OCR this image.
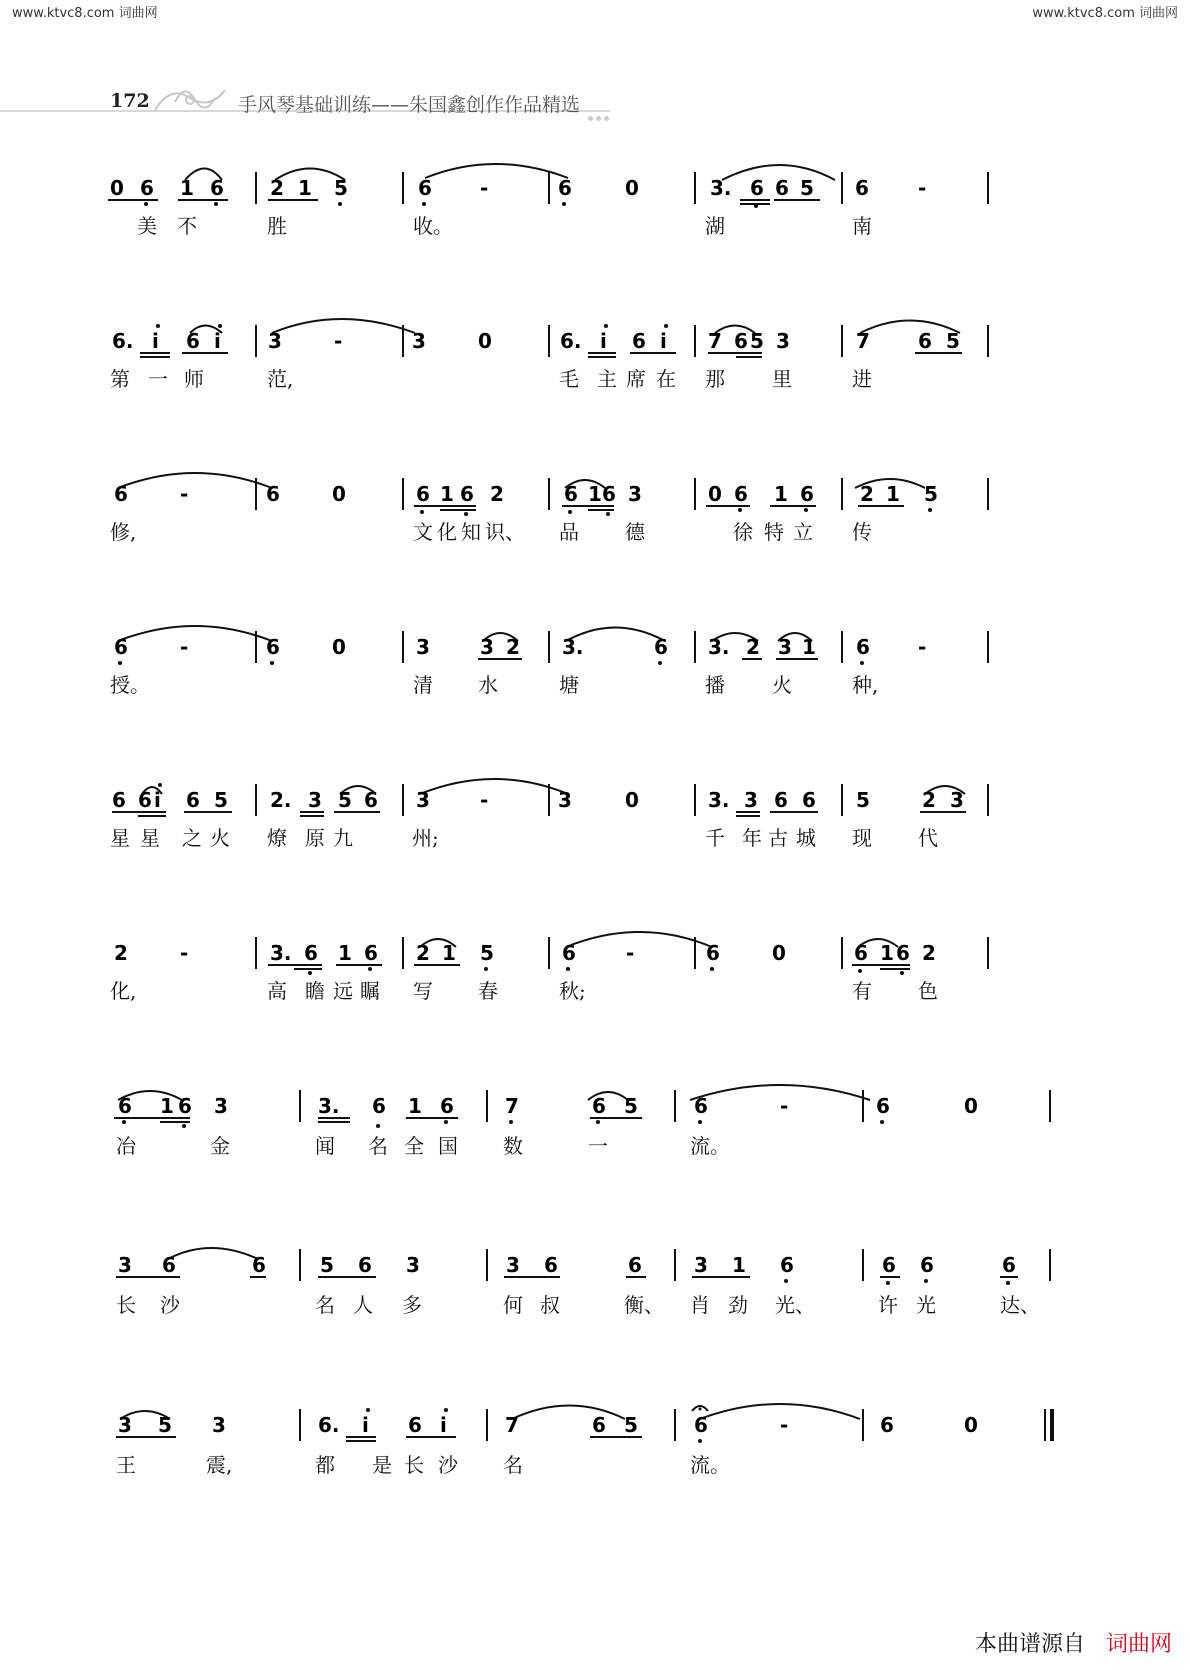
www.ktvc8.com 词曲网	www.ktvc8.com 词曲网
172	手风琴基础训练——朱国鑫创作作品精选
0 6 1 6 2 1 5	6 -	6	0	3. 6 6 5 6 -
美 不	胜	收。	湖	南
6. i 6 i 3	-	3	0	6. i 6 i 7 6 5 3	7 6 5
第 一 师	范,	毛 主 席 在 那 里	进
6	-	6	0	6 1 6 2	6 1 6 3	0 6 1 6 2 1 5
修,	文 化 知 识、 品 德	徐 特 立 传
6	-	6	0	3	3 2 3.	6 3. 2 3 1 6 -
授。	清 水	塘	播 火	种,
6 6 i 6 5 2. 3 5 6 3	-	3	0	3. 3 6 6 5	2 3
星 星 之 火 燎 原 九	州;	千 年 古 城 现 代
2	-	3. 6 1 6 2 1 5	6	-	6	0	6 1 6 2
化,	高 瞻 远 瞩 写 春	秋;	有 色
6 1 6 3	3. 6 1 6	7	6 5	6	-	6	0
冶	金	闻 名 全 国 数	一	流。
3 6	6	5 6 3	3 6	6	3 1 6	6 6	6
长 沙	名 人 多	何 叔	衡、 肖 劲 光、	许 光	达、
3 5 3	6. i 6 i	7	6 5	6	-	6	0
王	震,	都 是 长 沙 名	流。
本曲谱源自 词曲网
